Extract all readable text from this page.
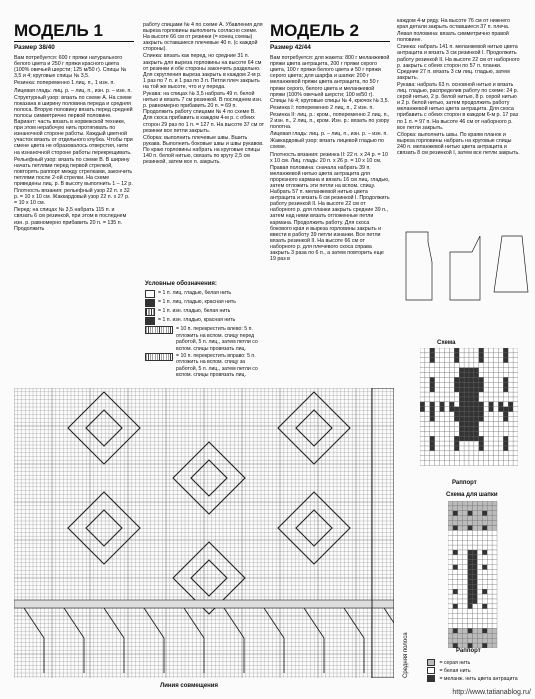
МОДЕЛЬ 1
Размер 38/40

Вам потребуется: 600 г пряжи натурального белого цвета и 250 г пряжи красного цвета (100% овечьей шерсти; 125 м/50 г). Спицы № 3,5 и 4; круговые спицы № 3,5.

Резинка: попеременно 1 лиц. п., 1 изн. п.

Лицевая гладь: лиц. р. – лиц. п., изн. р. – изн. п.

Структурный узор: вязать по схеме А. На схеме показана в ширину половина переда и средняя полоса. Вторую половину вязать перед средней полосы симметрично первой половине. Вариант: часть вязать в норвежской технике, при этом нерабочую нить протягивать по изнаночной стороне работы. Каждый цветной участок вязать от отдельного клубка. Чтобы при смене цвета не образовалось отверстия, нити на изнаночной стороне работы перекрещивать.

Рельефный узор: вязать по схеме В. В ширину начать петлями перед первой стрелкой, повторять раппорт между стрелками, закончить петлями после 2-ой стрелки. На схеме приведены лиц. р. В высоту выполнить 1 – 12 р.

Плотность вязания: рельефный узор 22 п. x 32 р. = 10 x 10 см. Жаккардовый узор 22 п. x 27 р. = 10 x 10 см.

Перед: на спицах № 3,5 набрать 115 п. и связать 6 см резинкой, при этом в последнем изн. р. равномерно прибавить 20 п. = 135 п. Продолжить

работу спицами № 4 по схеме А. Убавления для выреза горловины выполнить согласно схеме. На высоте 66 см от резинки (= конец схемы) закрыть оставшиеся плечевые 40 п. (с каждой стороны).

Спинка: вязать как перед, но средние 31 п. закрыть для выреза горловины на высоте 64 см от резинки и обе стороны закончить раздельно. Для скругления выреза закрыть в каждом 2-м р. 1 раз по 7 п. и 1 раз по 3 п. Петли плеч закрыть на той же высоте, что и у переда.

Рукава: на спицах № 3,5 набрать 49 п. белой нитью и вязать 7 см резинкой. В последнем изн. р. равномерно прибавить 20 п. = 69 п. Продолжить работу спицами № 4 по схеме В. Для скоса прибавить в каждом 4-м р. с обеих сторон 29 раз по 1 п. = 127 п. На высоте 37 см от резинки все петли закрыть.

Сборка: выполнить плечевые швы. Вшить рукава. Выполнить боковые швы и швы рукавов. По краю горловины набрать на круговые спицы 140 п. белой нитью, связать по кругу 2,5 см резинкой, затем все п. закрыть.

Условные обозначения:
= 1 п. лиц. гладью, белая нить
= 1 п. лиц. гладью, красная нить
= 1 п. изн. гладью, белая нить
= 1 п. изн. гладью, красная нить
= 10 п. перекрестить влево: 5 п. отложить на вспом. спицу перед работой, 5 п. лиц., затем петли со вспом. спицы провязать лиц.
= 10 п. перекрестить вправо: 5 п. отложить на вспом. спицу за работой, 5 п. лиц., затем петли со вспом. спицы провязать лиц.
МОДЕЛЬ 2
Размер 42/44

Вам потребуется: для жакета: 800 г меланжевой пряжи цвета антрацита, 200 г пряжи серого цвета, 100 г пряжи белого цвета и 50 г пряжи серого цвета; для шарфа и шапки: 200 г меланжевой пряжи цвета антрацита, по 50 г пряжи серого, белого цвета и меланжевой пряжи (100% овечьей шерсти; 100 м/50 г). Спицы № 4; круговые спицы № 4, крючок № 3,5.

Резинка I: попеременно 2 лиц. п., 2 изн. п.

Резинка II: лиц. р.: кром., попеременно 2 лиц. п., 2 изн. п., 2 лиц. п., кром. Изн. р.: вязать по узору полотна.

Лицевая гладь: лиц. р. – лиц. п., изн. р. – изн. п.

Жаккардовый узор: вязать лицевой гладью по схеме.

Плотность вязания: резинка II: 22 п. x 24 р. = 10 x 10 см. Лиц. гладь: 20 п. x 26 р. = 10 x 10 см.

Правая половина: сначала набрать 39 п. меланжевой нитью цвета антрацита для прорезного кармана и вязать 16 см лиц. гладью, затем отложить эти петли на вспом. спицу. Набрать 57 п. меланжевой нитью цвета антрацита и вязать 6 см резинкой I. Продолжить работу резинкой II. На высоте 22 см от наборного р. для планки закрыть средние 39 п., затем над ними вязать отложенные петли кармана. Продолжить работу. Для скоса бокового края и выреза горловины закрыть и ввести в работу 39 петли изнанки. Все петли вязать резинкой II. На высоте 66 см от наборного р. для плечевого скоса справа закрыть 3 раза по 6 п., а затем повторить еще 19 раз в

каждом 4-м ряду. На высоте 76 см от нижнего края детали закрыть оставшиеся 37 п. плеча.

Левая половина: вязать симметрично правой половине.

Спинка: набрать 141 п. меланжевой нитью цвета антрацита и вязать 3 см резинкой I. Продолжить работу резинкой II. На высоте 22 см от наборного р. закрыть с обеих сторон по 57 п. планки. Средние 27 п. вязать 3 см лиц. гладью, затем закрыть.

Рукава: набрать 63 п. основной нитью и вязать лиц. гладью, распределив работу по схеме: 24 р. серой нитью, 2 р. белой нитью, 8 р. серой нитью и 2 р. белой нитью, затем продолжить работу меланжевой нитью цвета антрацита. Для скоса прибавить с обеих сторон в каждом 6-м р. 17 раз по 1 п. = 97 п. На высоте 46 см от наборного р. все петли закрыть.

Сборка: выполнить швы. По краям планок и выреза горловины набрать на круговые спицы 240 п. меланжевой нитью цвета антрацита и связать 8 см резинкой I, затем все петли закрыть.

Линия совмещения
Средняя полоса
Схема
Раппорт
Схема для шапки
Раппорт
= серая нить
= белая нить
= меланж. нить цвета антрацита
http://www.tatianablog.ru/
